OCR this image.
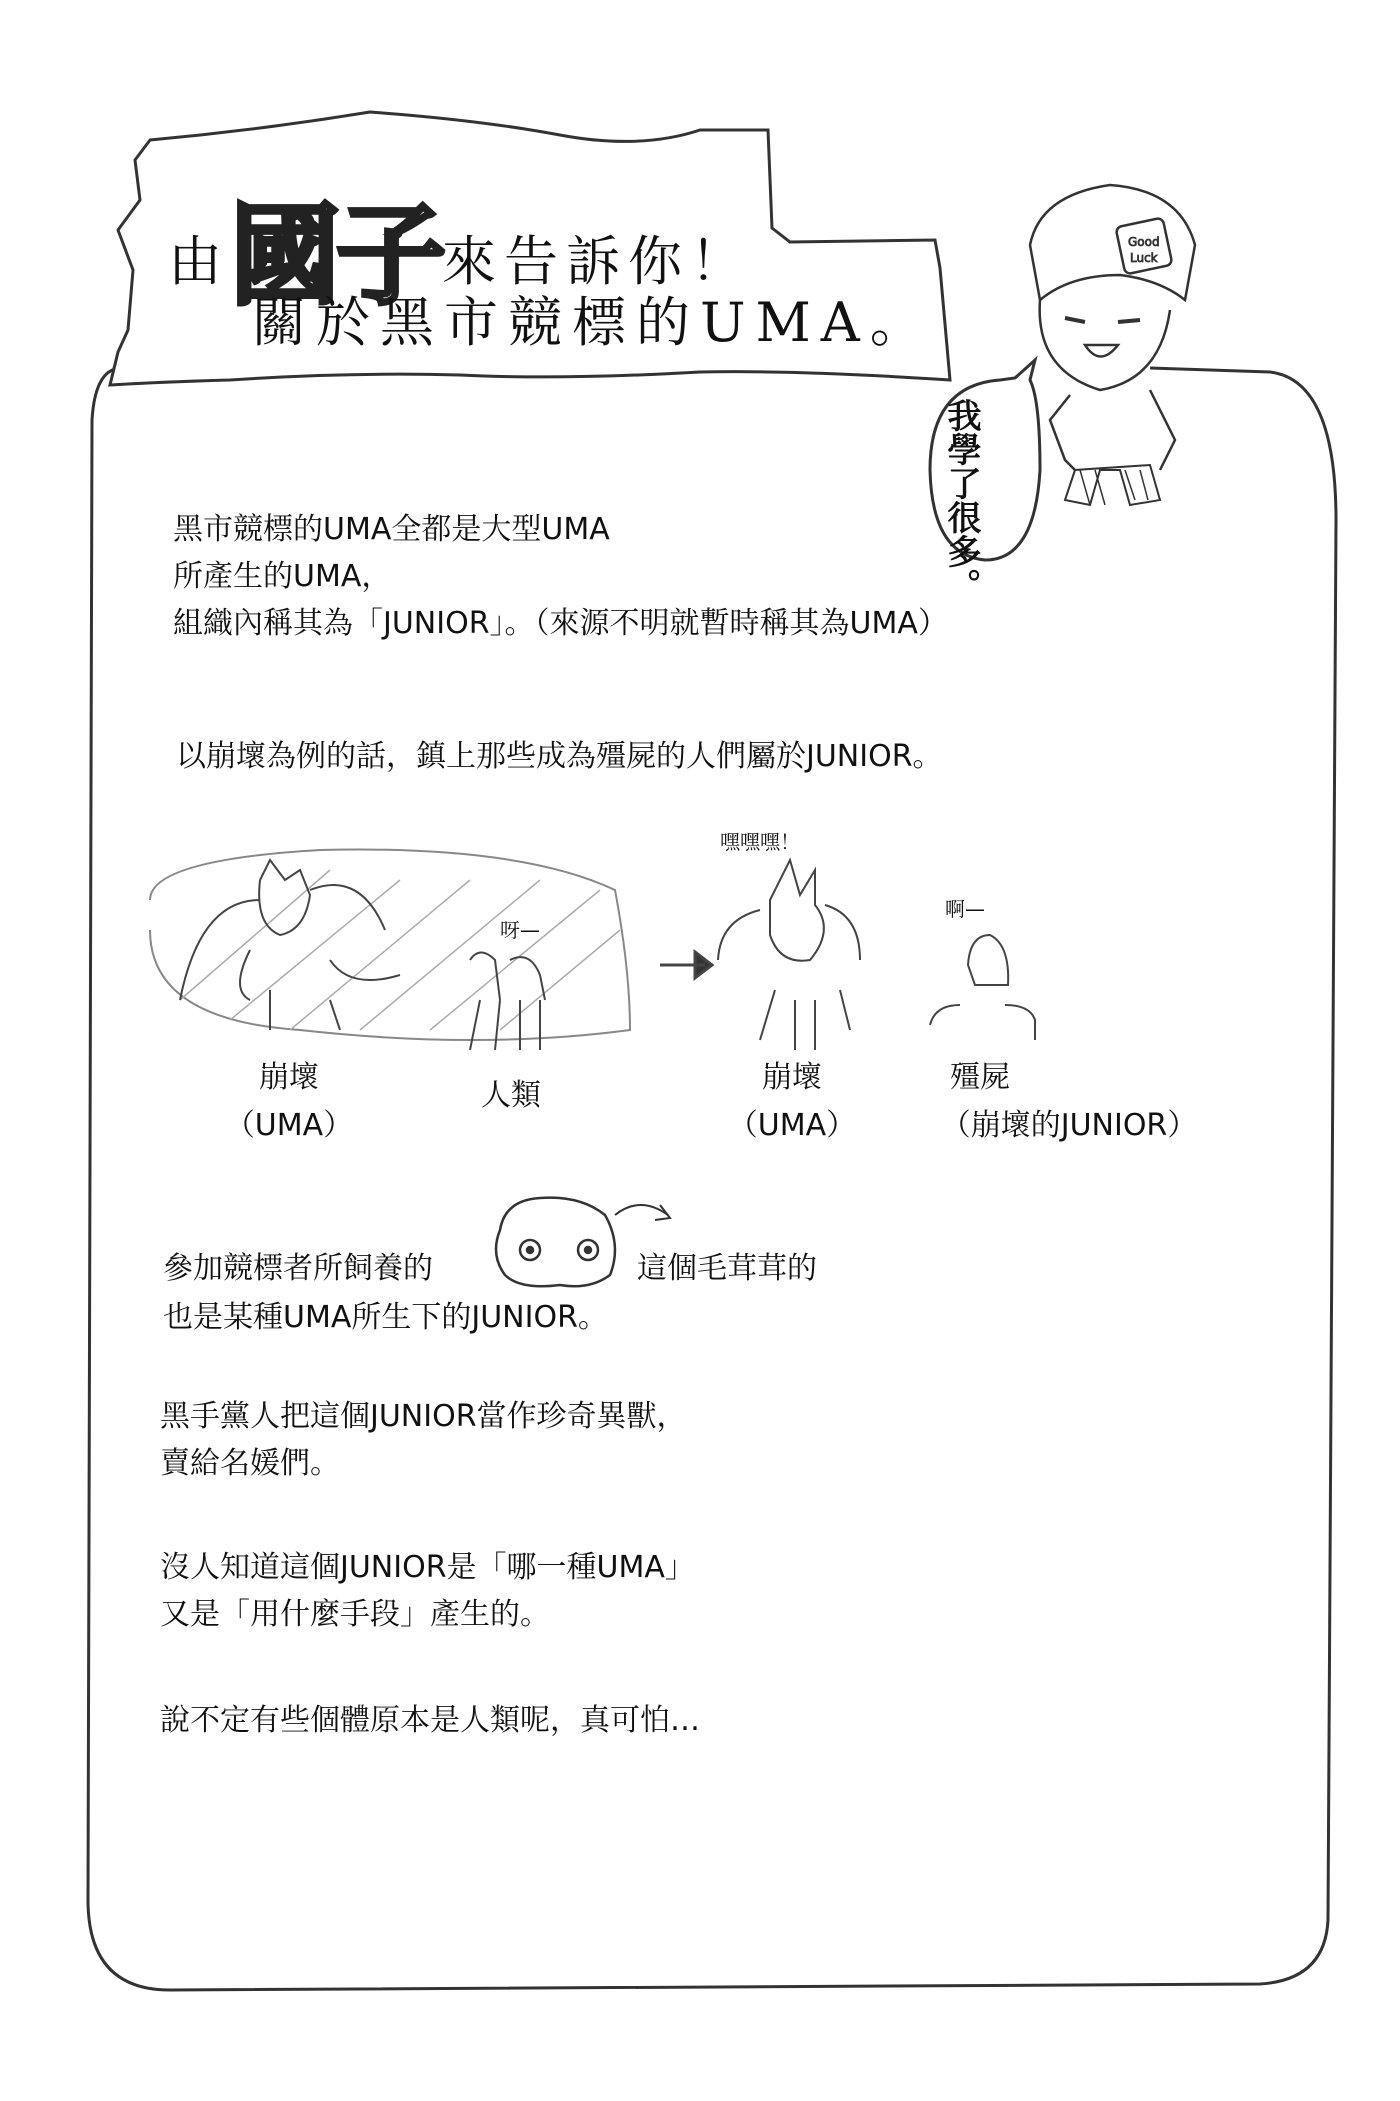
Good
Luck
由國子來告訴你！
關於黑市競標的UMA。
我學了很多。
黑市競標的UMA全都是大型UMA
所產生的UMA，
組織內稱其為「JUNIOR」。（來源不明就暫時稱其為UMA）
以崩壞為例的話，鎮上那些成為殭屍的人們屬於JUNIOR。
嘿嘿嘿！
呀—
啊—
崩壞
（UMA）
人類
崩壞
（UMA）
殭屍
（崩壞的JUNIOR）
參加競標者所飼養的	這個毛茸茸的
也是某種UMA所生下的JUNIOR。
黑手黨人把這個JUNIOR當作珍奇異獸，
賣給名媛們。
沒人知道這個JUNIOR是「哪一種UMA」
又是「用什麼手段」產生的。
說不定有些個體原本是人類呢，真可怕…
